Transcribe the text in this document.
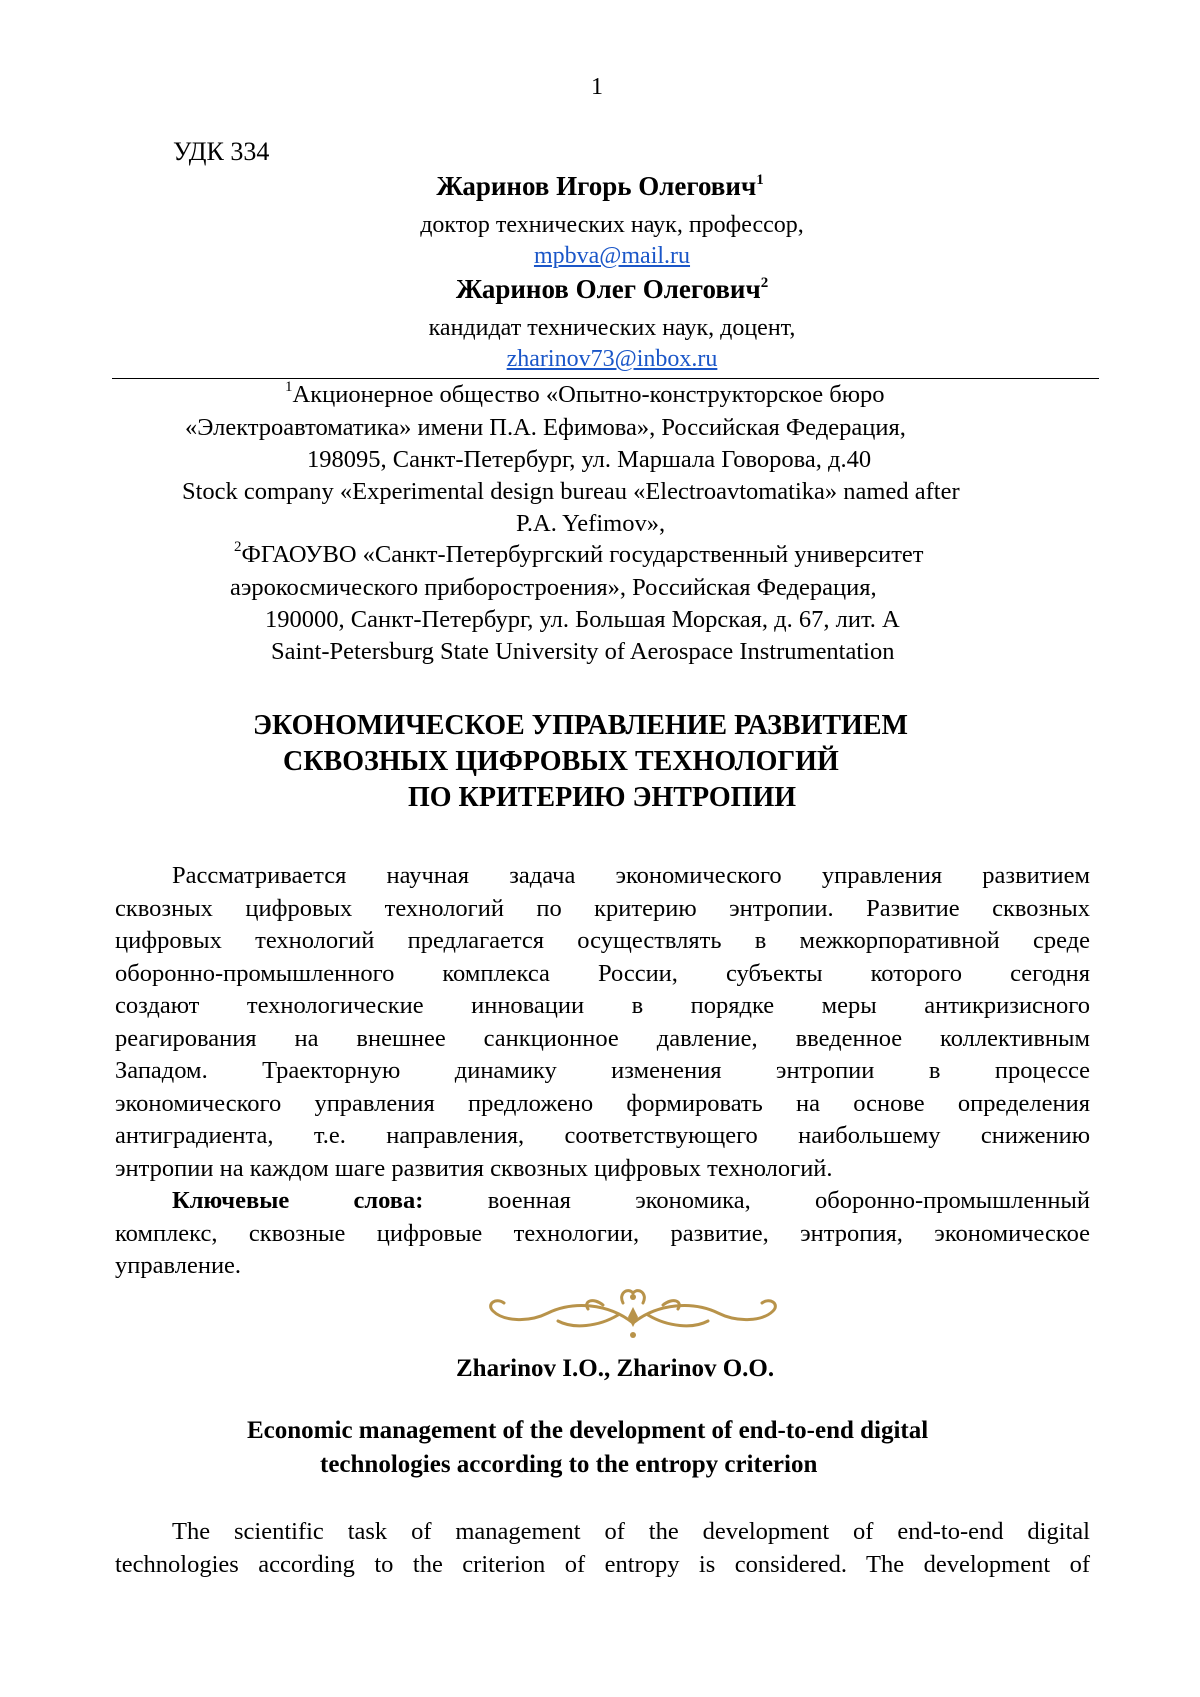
1
УДК 334
Жаринов Игорь Олегович$^1$
доктор технических наук, профессор,
mpbva@mail.ru
Жаринов Олег Олегович$^2$
кандидат технических наук, доцент,
zharinov73@inbox.ru
$^1$Акционерное общество «Опытно-конструкторское бюро
«Электроавтоматика» имени П.А. Ефимова», Российская Федерация,
198095, Санкт-Петербург, ул. Маршала Говорова, д.40
Stock company «Experimental design bureau «Electroavtomatika» named after
P.A. Yefimov»,
$^2$ФГАОУВО «Санкт-Петербургский государственный университет
аэрокосмического приборостроения», Российская Федерация,
190000, Санкт-Петербург, ул. Большая Морская, д. 67, лит. А
Saint-Petersburg State University of Aerospace Instrumentation
ЭКОНОМИЧЕСКОЕ УПРАВЛЕНИЕ РАЗВИТИЕМ
СКВОЗНЫХ ЦИФРОВЫХ ТЕХНОЛОГИЙ
ПО КРИТЕРИЮ ЭНТРОПИИ
Рассматривается научная задача экономического управления развитием
сквозных цифровых технологий по критерию энтропии. Развитие сквозных
цифровых технологий предлагается осуществлять в межкорпоративной среде
оборонно-промышленного комплекса России, субъекты которого сегодня
создают технологические инновации в порядке меры антикризисного
реагирования на внешнее санкционное давление, введенное коллективным
Западом. Траекторную динамику изменения энтропии в процессе
экономического управления предложено формировать на основе определения
антиградиента, т.е. направления, соответствующего наибольшему снижению
энтропии на каждом шаге развития сквозных цифровых технологий.
Ключевые слова:	военная экономика, оборонно-промышленный
комплекс, сквозные цифровые технологии, развитие, энтропия, экономическое
управление.
Zharinov I.O., Zharinov O.O.
Economic management of the development of end-to-end digital
technologies according to the entropy criterion
The scientific task of management of the development of end-to-end digital
technologies according to the criterion of entropy is considered. The development of
